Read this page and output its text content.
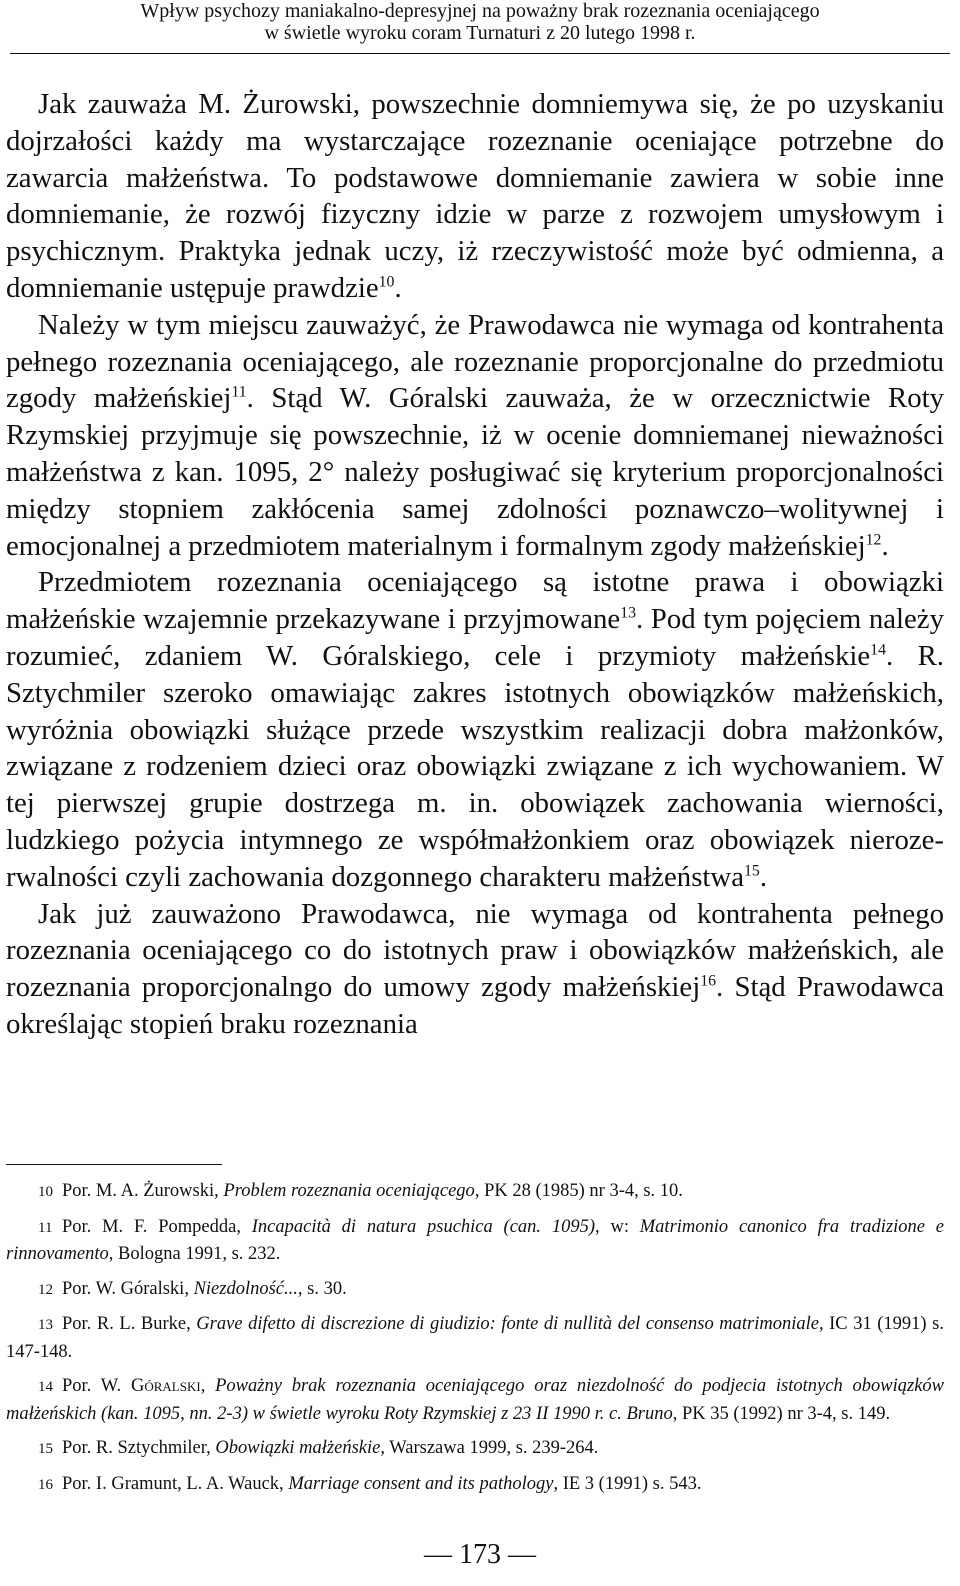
Wpływ psychozy maniakalno-depresyjnej na poważny brak rozeznania oceniającego
w świetle wyroku coram Turnaturi z 20 lutego 1998 r.

Jak zauważa M. Żurowski, powszechnie domniemywa się, że po uzyskaniu dojrzałości każdy ma wystarczające rozeznanie oceniające potrzebne do zawarcia małżeństwa. To podstawowe domniemanie zawiera w sobie inne domniemanie, że rozwój fizyczny idzie w parze z rozwojem umysłowym i psychicznym. Praktyka jednak uczy, iż rzeczywistość może być odmienna, a domniemanie ustępuje prawdzie$^{10}$.

Należy w tym miejscu zauważyć, że Prawodawca nie wymaga od kontrahenta pełnego rozeznania oceniającego, ale rozeznanie proporcjonalne do przedmiotu zgody małżeńskiej$^{11}$. Stąd W. Góralski zauważa, że w orzecznictwie Roty Rzymskiej przyjmuje się powszechnie, iż w ocenie domniemanej nieważności małżeństwa z kan. 1095, 2° należy posługiwać się kryterium proporcjonalności między stopniem zakłócenia samej zdolności poznawczo–wolitywnej i emocjonalnej a przedmiotem materialnym i formalnym zgody małżeńskiej$^{12}$.

Przedmiotem rozeznania oceniającego są istotne prawa i obowiązki małżeńskie wzajemnie przekazywane i przyjmowane$^{13}$. Pod tym pojęciem należy rozumieć, zdaniem W. Góralskiego, cele i przymioty małżeńskie$^{14}$. R. Sztychmiler szeroko omawiając zakres istotnych obowiązków małżeńskich, wyróżnia obowiązki służące przede wszystkim realizacji dobra małżonków, związane z rodzeniem dzieci oraz obowiązki związane z ich wychowaniem. W tej pierwszej grupie dostrzega m. in. obowiązek zachowania wierności, ludzkiego pożycia intymnego ze współmałżonkiem oraz obowiązek nierozerwalności czyli zachowania dozgonnego charakteru małżeństwa$^{15}$.

Jak już zauważono Prawodawca, nie wymaga od kontrahenta pełnego rozeznania oceniającego co do istotnych praw i obowiązków małżeńskich, ale rozeznania proporcjonalngo do umowy zgody małżeńskiej$^{16}$. Stąd Prawodawca określając stopień braku rozeznania

10 Por. M. A. Żurowski, Problem rozeznania oceniającego, PK 28 (1985) nr 3-4, s. 10.

11 Por. M. F. Pompedda, Incapacità di natura psuchica (can. 1095), w: Matrimonio canonico fra tradizione e rinnovamento, Bologna 1991, s. 232.

12 Por. W. Góralski, Niezdolność..., s. 30.

13 Por. R. L. Burke, Grave difetto di discrezione di giudizio: fonte di nullità del consenso matrimoniale, IC 31 (1991) s. 147-148.

14 Por. W. Góralski, Poważny brak rozeznania oceniającego oraz niezdolność do podjecia istotnych obowiązków małżeńskich (kan. 1095, nn. 2-3) w świetle wyroku Roty Rzymskiej z 23 II 1990 r. c. Bruno, PK 35 (1992) nr 3-4, s. 149.

15 Por. R. Sztychmiler, Obowiązki małżeńskie, Warszawa 1999, s. 239-264.

16 Por. I. Gramunt, L. A. Wauck, Marriage consent and its pathology, IE 3 (1991) s. 543.

— 173 —
